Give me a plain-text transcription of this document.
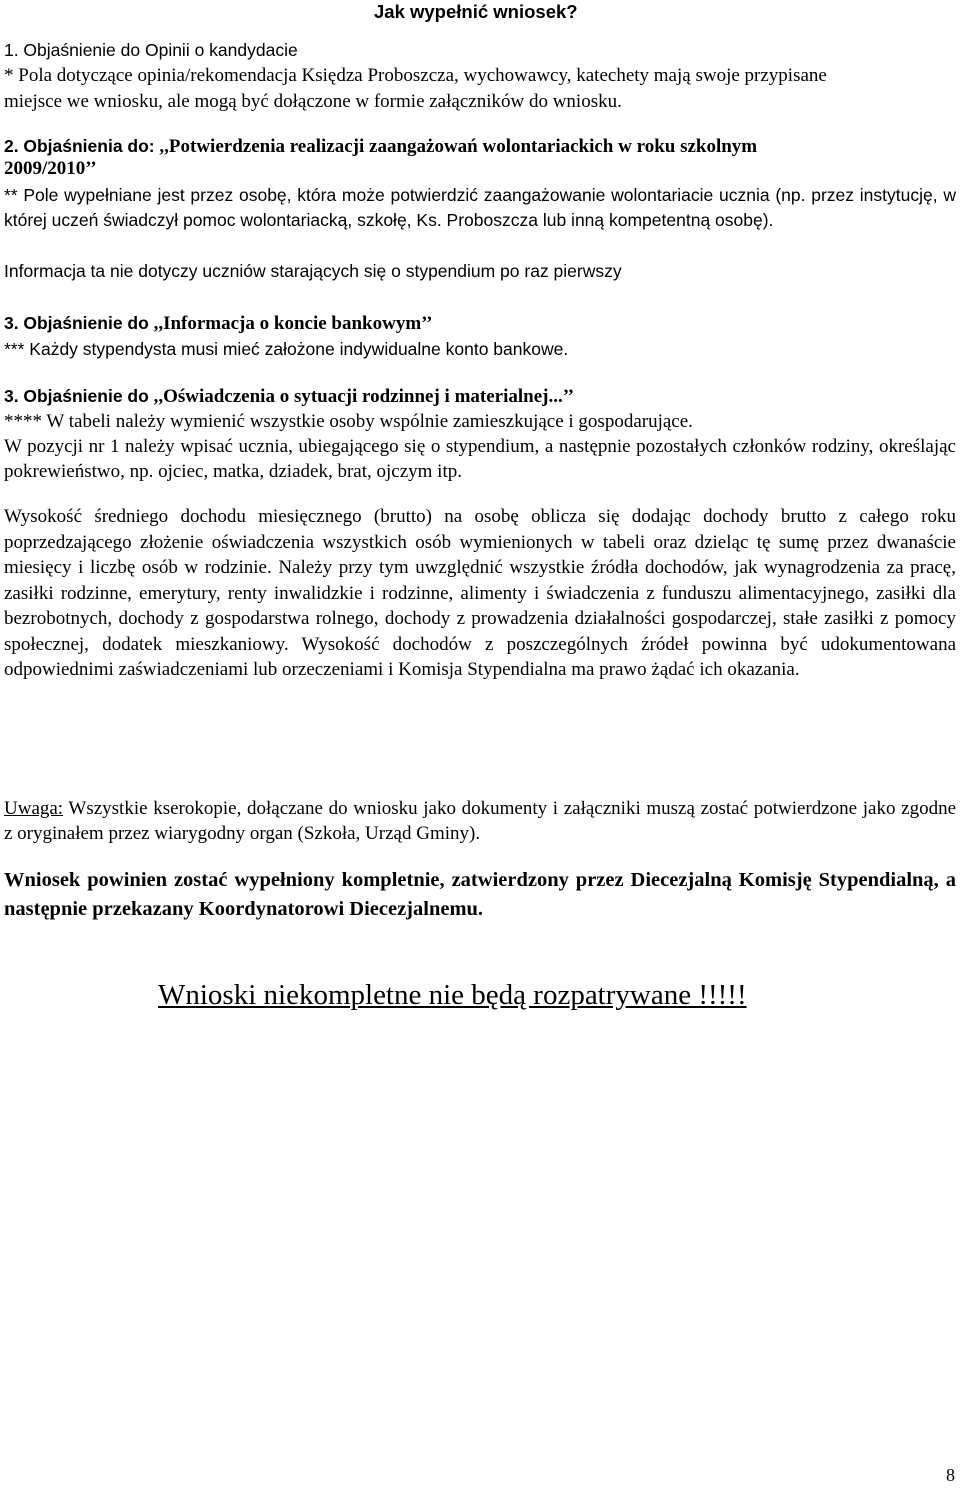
Jak wypełnić wniosek?
1. Objaśnienie do Opinii o kandydacie
* Pola dotyczące opinia/rekomendacja Księdza Proboszcza, wychowawcy, katechety mają swoje przypisane
miejsce we wniosku, ale mogą być dołączone w formie załączników do wniosku.
2. Objaśnienia do: ,,Potwierdzenia realizacji zaangażowań wolontariackich w roku szkolnym
2009/2010’’

** Pole wypełniane jest przez osobę, która może potwierdzić zaangażowanie wolontariacie ucznia (np. przez instytucję, w której uczeń świadczył pomoc wolontariacką, szkołę, Ks. Proboszcza lub inną kompetentną osobę).

Informacja ta nie dotyczy uczniów starających się o stypendium po raz pierwszy
3. Objaśnienie do ,,Informacja o koncie bankowym’’
*** Każdy stypendysta musi mieć założone indywidualne konto bankowe.
3. Objaśnienie do ,,Oświadczenia o sytuacji rodzinnej i materialnej...’’
**** W tabeli należy wymienić wszystkie osoby wspólnie zamieszkujące i gospodarujące.

W pozycji nr 1 należy wpisać ucznia, ubiegającego się o stypendium, a następnie pozostałych członków rodziny, określając pokrewieństwo, np. ojciec, matka, dziadek, brat, ojczym itp.

Wysokość średniego dochodu miesięcznego (brutto) na osobę oblicza się dodając dochody brutto z całego roku poprzedzającego złożenie oświadczenia wszystkich osób wymienionych w tabeli oraz dzieląc tę sumę przez dwanaście miesięcy i liczbę osób w rodzinie. Należy przy tym uwzględnić wszystkie źródła dochodów, jak wynagrodzenia za pracę, zasiłki rodzinne, emerytury, renty inwalidzkie i rodzinne, alimenty i świadczenia z funduszu alimentacyjnego, zasiłki dla bezrobotnych, dochody z gospodarstwa rolnego, dochody z prowadzenia działalności gospodarczej, stałe zasiłki z pomocy społecznej, dodatek mieszkaniowy. Wysokość dochodów z poszczególnych źródeł powinna być udokumentowana odpowiednimi zaświadczeniami lub orzeczeniami i Komisja Stypendialna ma prawo żądać ich okazania.

Uwaga: Wszystkie kserokopie, dołączane do wniosku jako dokumenty i załączniki muszą zostać potwierdzone jako zgodne z oryginałem przez wiarygodny organ (Szkoła, Urząd Gminy).

Wniosek powinien zostać wypełniony kompletnie, zatwierdzony przez Diecezjalną Komisję Stypendialną, a następnie przekazany Koordynatorowi Diecezjalnemu.

Wnioski niekompletne nie będą rozpatrywane !!!!!
8
